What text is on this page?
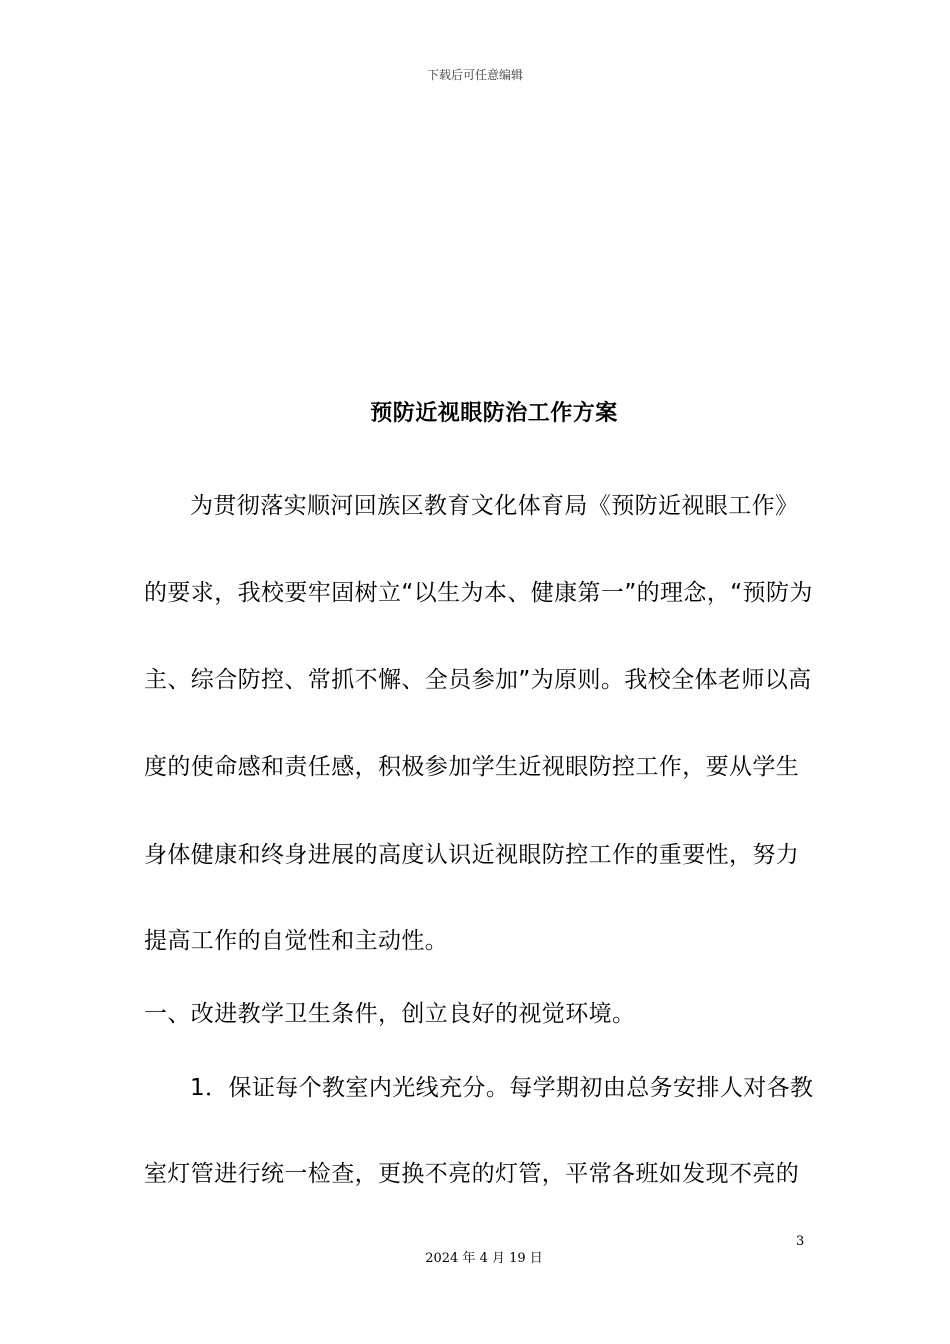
下载后可任意编辑
预防近视眼防治工作方案
为贯彻落实顺河回族区教育文化体育局《预防近视眼工作》
的要求，我校要牢固树立“以生为本、健康第一”的理念，“预防为
主、综合防控、常抓不懈、全员参加”为原则。我校全体老师以高
度的使命感和责任感，积极参加学生近视眼防控工作，要从学生
身体健康和终身进展的高度认识近视眼防控工作的重要性，努力
提高工作的自觉性和主动性。
一、改进教学卫生条件，创立良好的视觉环境。
1．保证每个教室内光线充分。每学期初由总务安排人对各教
室灯管进行统一检查，更换不亮的灯管，平常各班如发现不亮的
3
2024 年 4 月 19 日
